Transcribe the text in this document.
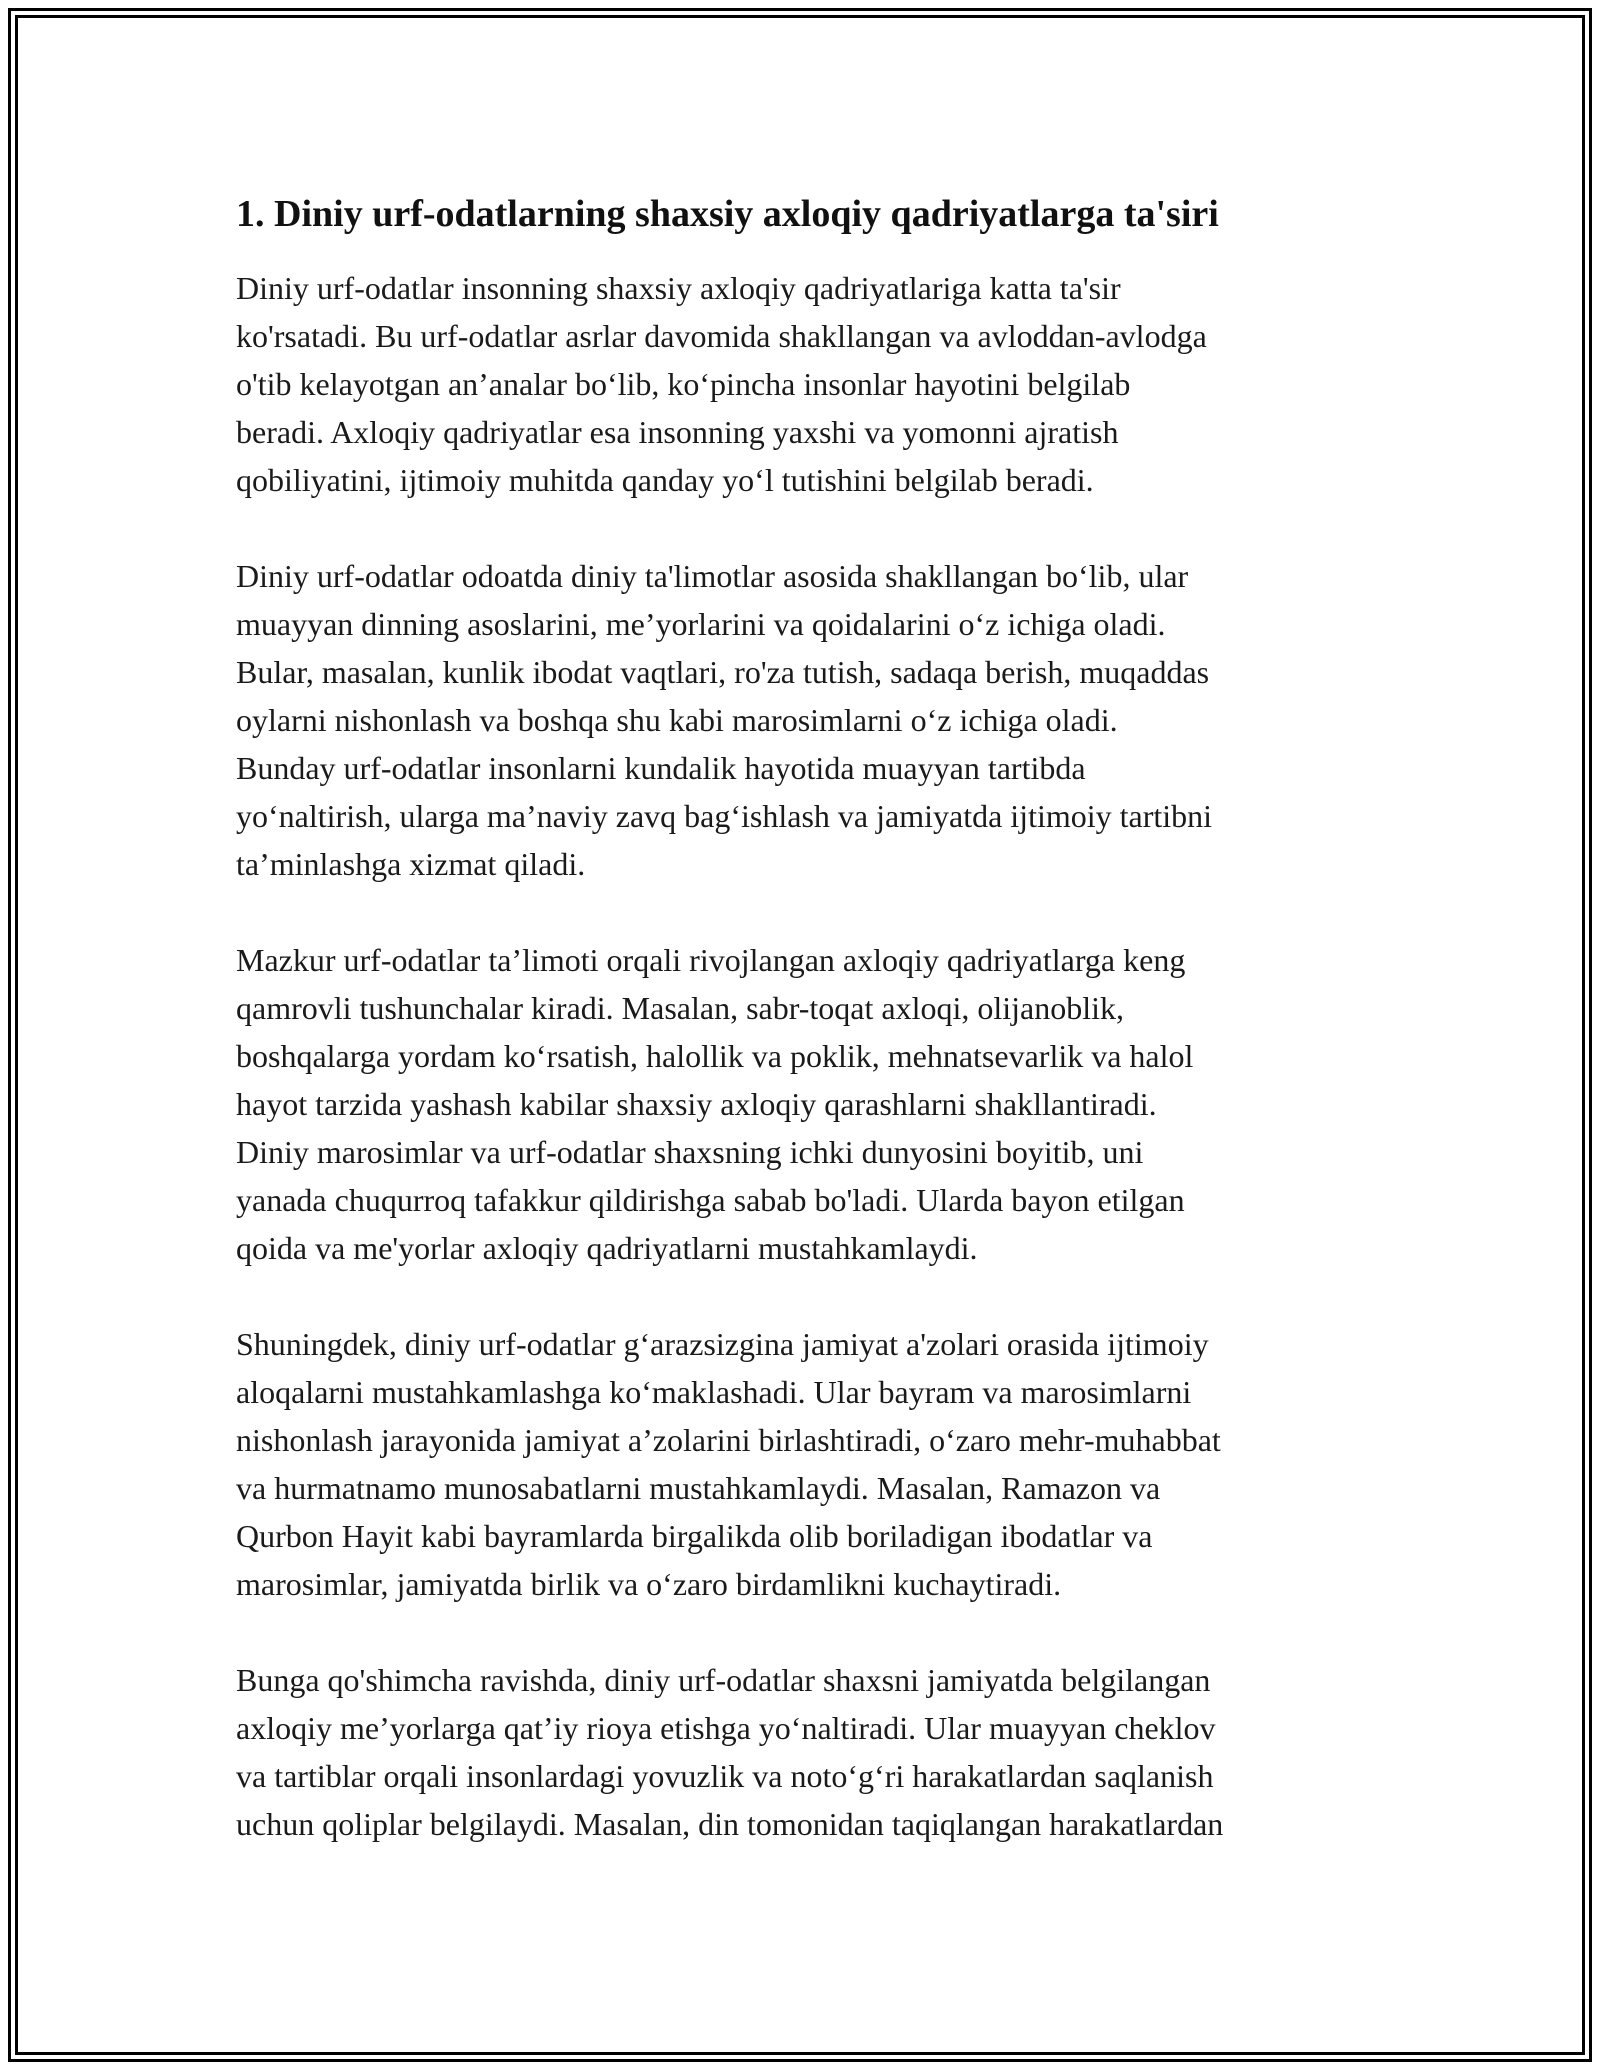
1. Diniy urf-odatlarning shaxsiy axloqiy qadriyatlarga ta'siri

Diniy urf-odatlar insonning shaxsiy axloqiy qadriyatlariga katta ta'sir
ko'rsatadi. Bu urf-odatlar asrlar davomida shakllangan va avloddan-avlodga
o'tib kelayotgan an’analar bo‘lib, ko‘pincha insonlar hayotini belgilab
beradi. Axloqiy qadriyatlar esa insonning yaxshi va yomonni ajratish
qobiliyatini, ijtimoiy muhitda qanday yo‘l tutishini belgilab beradi.

Diniy urf-odatlar odoatda diniy ta'limotlar asosida shakllangan bo‘lib, ular
muayyan dinning asoslarini, me’yorlarini va qoidalarini o‘z ichiga oladi.
Bular, masalan, kunlik ibodat vaqtlari, ro'za tutish, sadaqa berish, muqaddas
oylarni nishonlash va boshqa shu kabi marosimlarni o‘z ichiga oladi.
Bunday urf-odatlar insonlarni kundalik hayotida muayyan tartibda
yo‘naltirish, ularga ma’naviy zavq bag‘ishlash va jamiyatda ijtimoiy tartibni
ta’minlashga xizmat qiladi.

Mazkur urf-odatlar ta’limoti orqali rivojlangan axloqiy qadriyatlarga keng
qamrovli tushunchalar kiradi. Masalan, sabr-toqat axloqi, olijanoblik,
boshqalarga yordam ko‘rsatish, halollik va poklik, mehnatsevarlik va halol
hayot tarzida yashash kabilar shaxsiy axloqiy qarashlarni shakllantiradi.
Diniy marosimlar va urf-odatlar shaxsning ichki dunyosini boyitib, uni
yanada chuqurroq tafakkur qildirishga sabab bo'ladi. Ularda bayon etilgan
qoida va me'yorlar axloqiy qadriyatlarni mustahkamlaydi.

Shuningdek, diniy urf-odatlar g‘arazsizgina jamiyat a'zolari orasida ijtimoiy
aloqalarni mustahkamlashga ko‘maklashadi. Ular bayram va marosimlarni
nishonlash jarayonida jamiyat a’zolarini birlashtiradi, o‘zaro mehr-muhabbat
va hurmatnamo munosabatlarni mustahkamlaydi. Masalan, Ramazon va
Qurbon Hayit kabi bayramlarda birgalikda olib boriladigan ibodatlar va
marosimlar, jamiyatda birlik va o‘zaro birdamlikni kuchaytiradi.

Bunga qo'shimcha ravishda, diniy urf-odatlar shaxsni jamiyatda belgilangan
axloqiy me’yorlarga qat’iy rioya etishga yo‘naltiradi. Ular muayyan cheklov
va tartiblar orqali insonlardagi yovuzlik va noto‘g‘ri harakatlardan saqlanish
uchun qoliplar belgilaydi. Masalan, din tomonidan taqiqlangan harakatlardan
